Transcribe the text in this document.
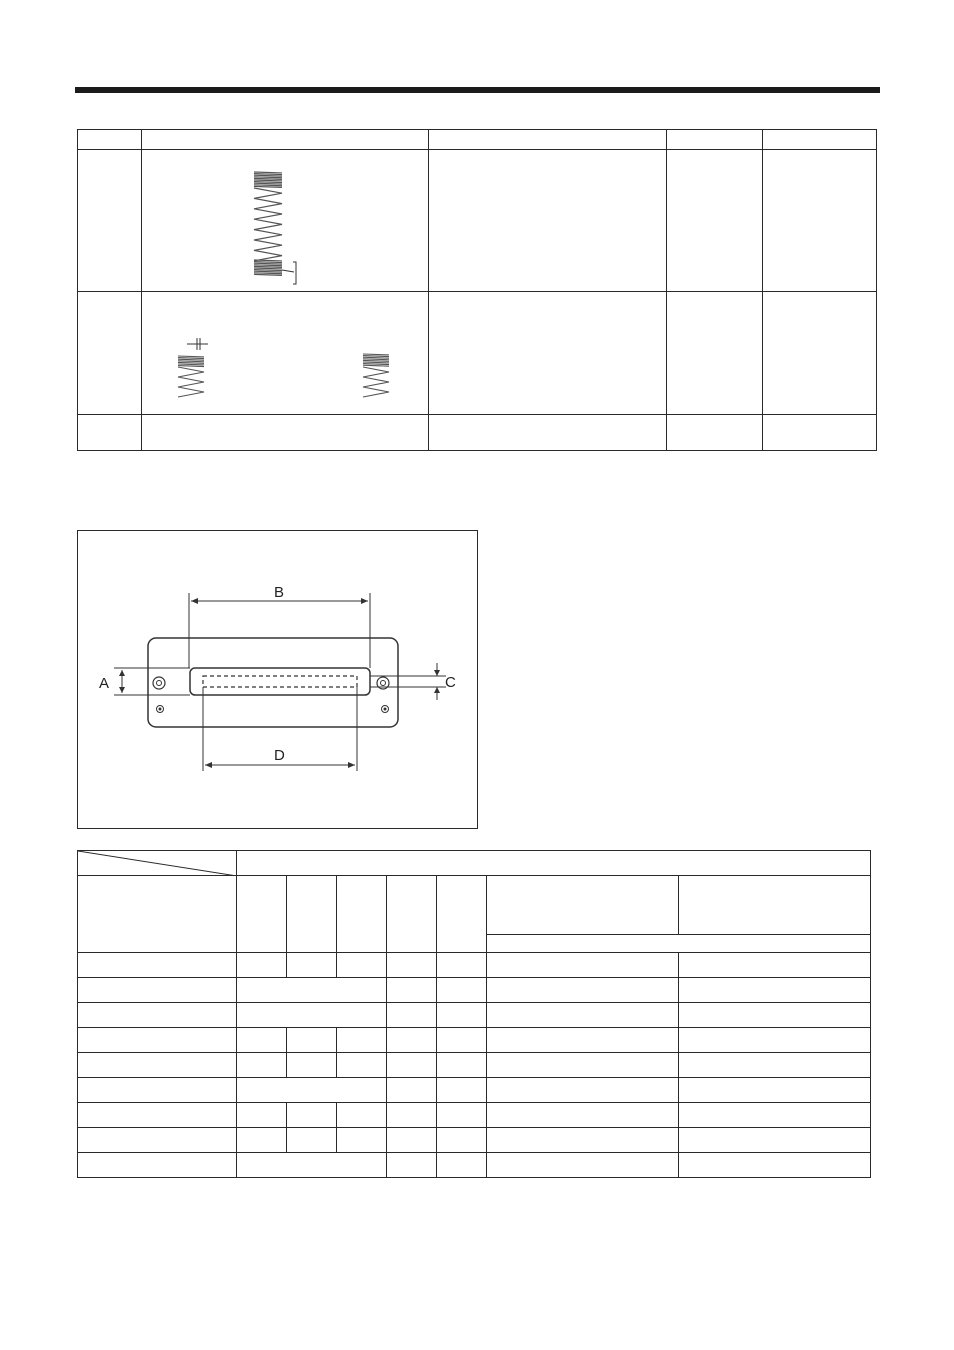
B
D
A	C
